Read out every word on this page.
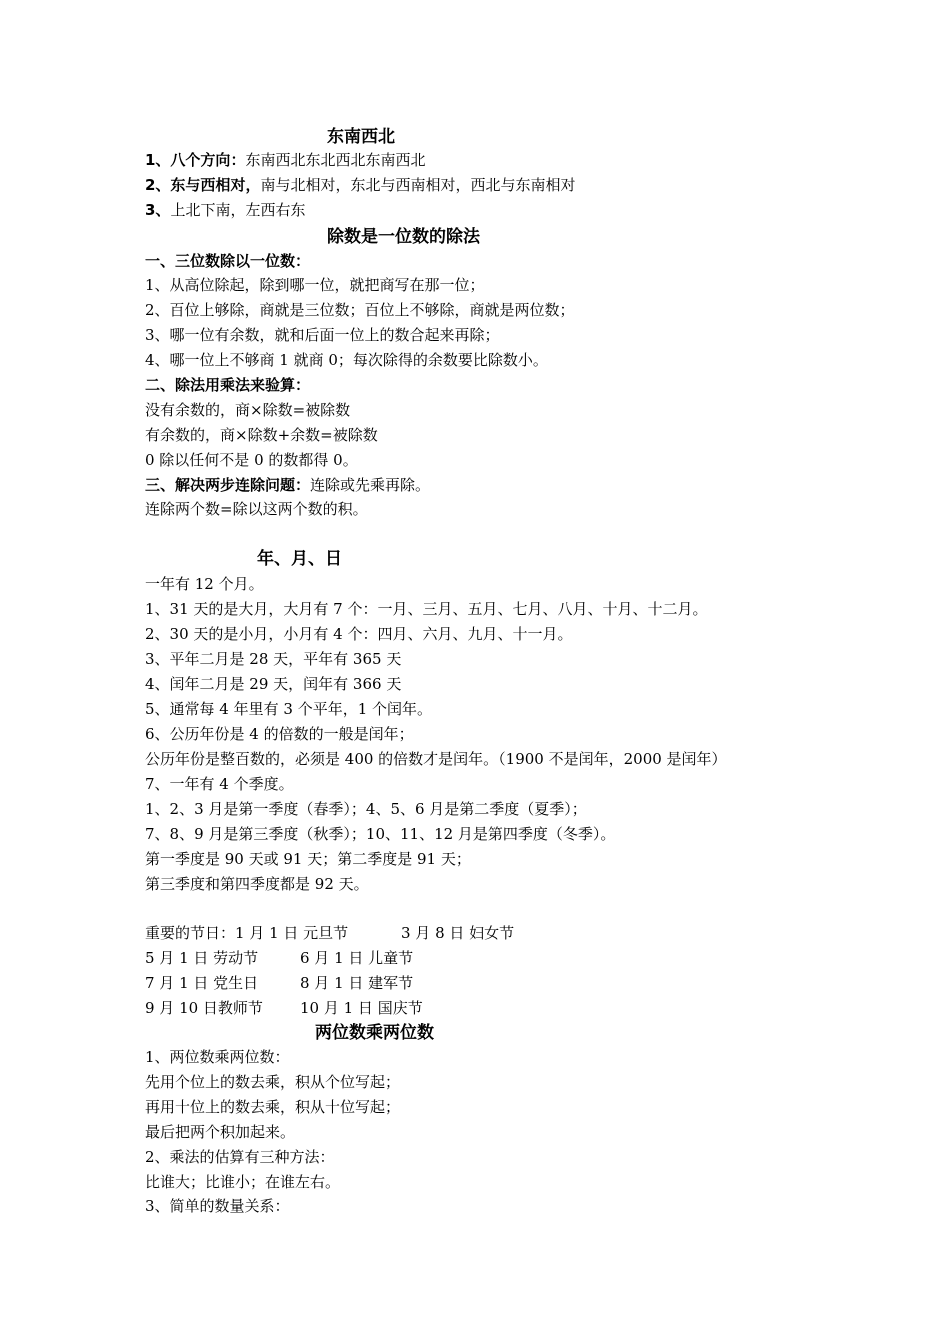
东南西北
1、八个方向：东南西北东北西北东南西北
2、东与西相对，南与北相对，东北与西南相对，西北与东南相对
3、上北下南，左西右东
除数是一位数的除法
一、三位数除以一位数：
1、从高位除起，除到哪一位，就把商写在那一位；
2、百位上够除，商就是三位数；百位上不够除，商就是两位数；
3、哪一位有余数，就和后面一位上的数合起来再除；
4、哪一位上不够商 1 就商 0；每次除得的余数要比除数小。
二、除法用乘法来验算：
没有余数的，商×除数=被除数
有余数的，商×除数+余数=被除数
0 除以任何不是 0 的数都得 0。
三、解决两步连除问题：连除或先乘再除。
连除两个数=除以这两个数的积。
年、月、日
一年有 12 个月。
1、31 天的是大月，大月有 7 个：一月、三月、五月、七月、八月、十月、十二月。
2、30 天的是小月，小月有 4 个：四月、六月、九月、十一月。
3、平年二月是 28 天，平年有 365 天
4、闰年二月是 29 天，闰年有 366 天
5、通常每 4 年里有 3 个平年，1 个闰年。
6、公历年份是 4 的倍数的一般是闰年；
公历年份是整百数的，必须是 400 的倍数才是闰年。（1900 不是闰年，2000 是闰年）
7、一年有 4 个季度。
1、2、3 月是第一季度（春季）；4、5、6 月是第二季度（夏季）；
7、8、9 月是第三季度（秋季）；10、11、12 月是第四季度（冬季）。
第一季度是 90 天或 91 天；第二季度是 91 天；
第三季度和第四季度都是 92 天。
重要的节日：1 月 1 日 元旦节	3 月 8 日 妇女节
5 月 1 日 劳动节	6 月 1 日 儿童节
7 月 1 日 党生日	8 月 1 日 建军节
9 月 10 日教师节 10 月 1 日 国庆节
两位数乘两位数
1、两位数乘两位数：
先用个位上的数去乘，积从个位写起；
再用十位上的数去乘，积从十位写起；
最后把两个积加起来。
2、乘法的估算有三种方法：
比谁大；比谁小；在谁左右。
3、简单的数量关系：
